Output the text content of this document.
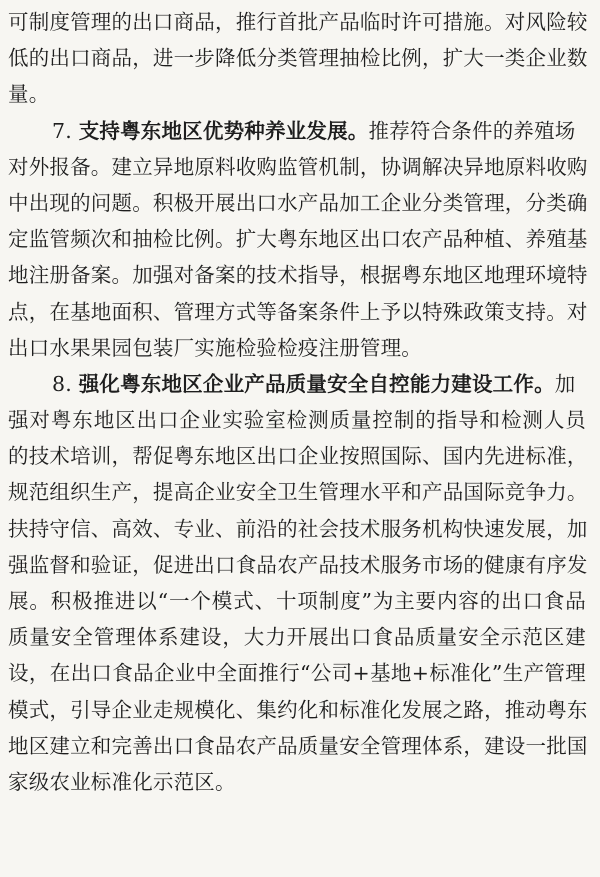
可制度管理的出口商品，推行首批产品临时许可措施。对风险较
低的出口商品，进一步降低分类管理抽检比例，扩大一类企业数
量。
7. 支持粤东地区优势种养业发展。推荐符合条件的养殖场
对外报备。建立异地原料收购监管机制，协调解决异地原料收购
中出现的问题。积极开展出口水产品加工企业分类管理，分类确
定监管频次和抽检比例。扩大粤东地区出口农产品种植、养殖基
地注册备案。加强对备案的技术指导，根据粤东地区地理环境特
点，在基地面积、管理方式等备案条件上予以特殊政策支持。对
出口水果果园包装厂实施检验检疫注册管理。
8. 强化粤东地区企业产品质量安全自控能力建设工作。加
强对粤东地区出口企业实验室检测质量控制的指导和检测人员
的技术培训，帮促粤东地区出口企业按照国际、国内先进标准，
规范组织生产，提高企业安全卫生管理水平和产品国际竞争力。
扶持守信、高效、专业、前沿的社会技术服务机构快速发展，加
强监督和验证，促进出口食品农产品技术服务市场的健康有序发
展。积极推进以“一个模式、十项制度”为主要内容的出口食品
质量安全管理体系建设，大力开展出口食品质量安全示范区建
设，在出口食品企业中全面推行“公司+基地+标准化”生产管理
模式，引导企业走规模化、集约化和标准化发展之路，推动粤东
地区建立和完善出口食品农产品质量安全管理体系，建设一批国
家级农业标准化示范区。
